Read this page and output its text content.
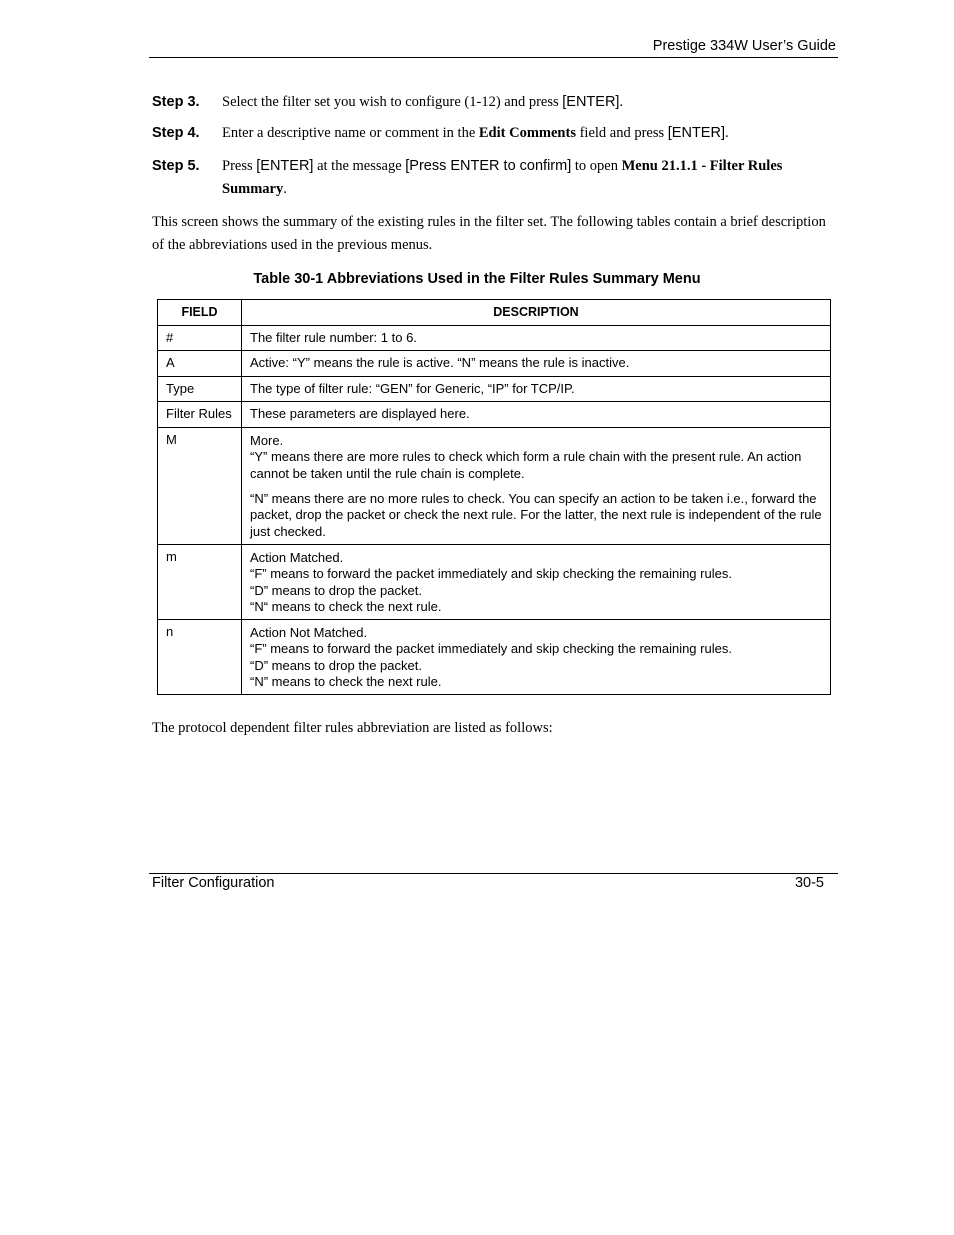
Prestige 334W User’s Guide
Step 3. Select the filter set you wish to configure (1-12) and press [ENTER].
Step 4. Enter a descriptive name or comment in the Edit Comments field and press [ENTER].
Step 5. Press [ENTER] at the message [Press ENTER to confirm] to open Menu 21.1.1 - Filter Rules Summary.
This screen shows the summary of the existing rules in the filter set. The following tables contain a brief description of the abbreviations used in the previous menus.
Table 30-1 Abbreviations Used in the Filter Rules Summary Menu
FIELD	DESCRIPTION
#	The filter rule number: 1 to 6.
A	Active: “Y” means the rule is active. “N” means the rule is inactive.
Type	The type of filter rule: “GEN” for Generic, “IP” for TCP/IP.
Filter Rules	These parameters are displayed here.
M	More.
“Y” means there are more rules to check which form a rule chain with the present rule. An action cannot be taken until the rule chain is complete.
“N” means there are no more rules to check. You can specify an action to be taken i.e., forward the packet, drop the packet or check the next rule. For the latter, the next rule is independent of the rule just checked.
m	Action Matched.
“F” means to forward the packet immediately and skip checking the remaining rules.
“D” means to drop the packet.
“N“ means to check the next rule.
n	Action Not Matched.
“F” means to forward the packet immediately and skip checking the remaining rules.
“D” means to drop the packet.
“N” means to check the next rule.
The protocol dependent filter rules abbreviation are listed as follows:
Filter Configuration	30-5
